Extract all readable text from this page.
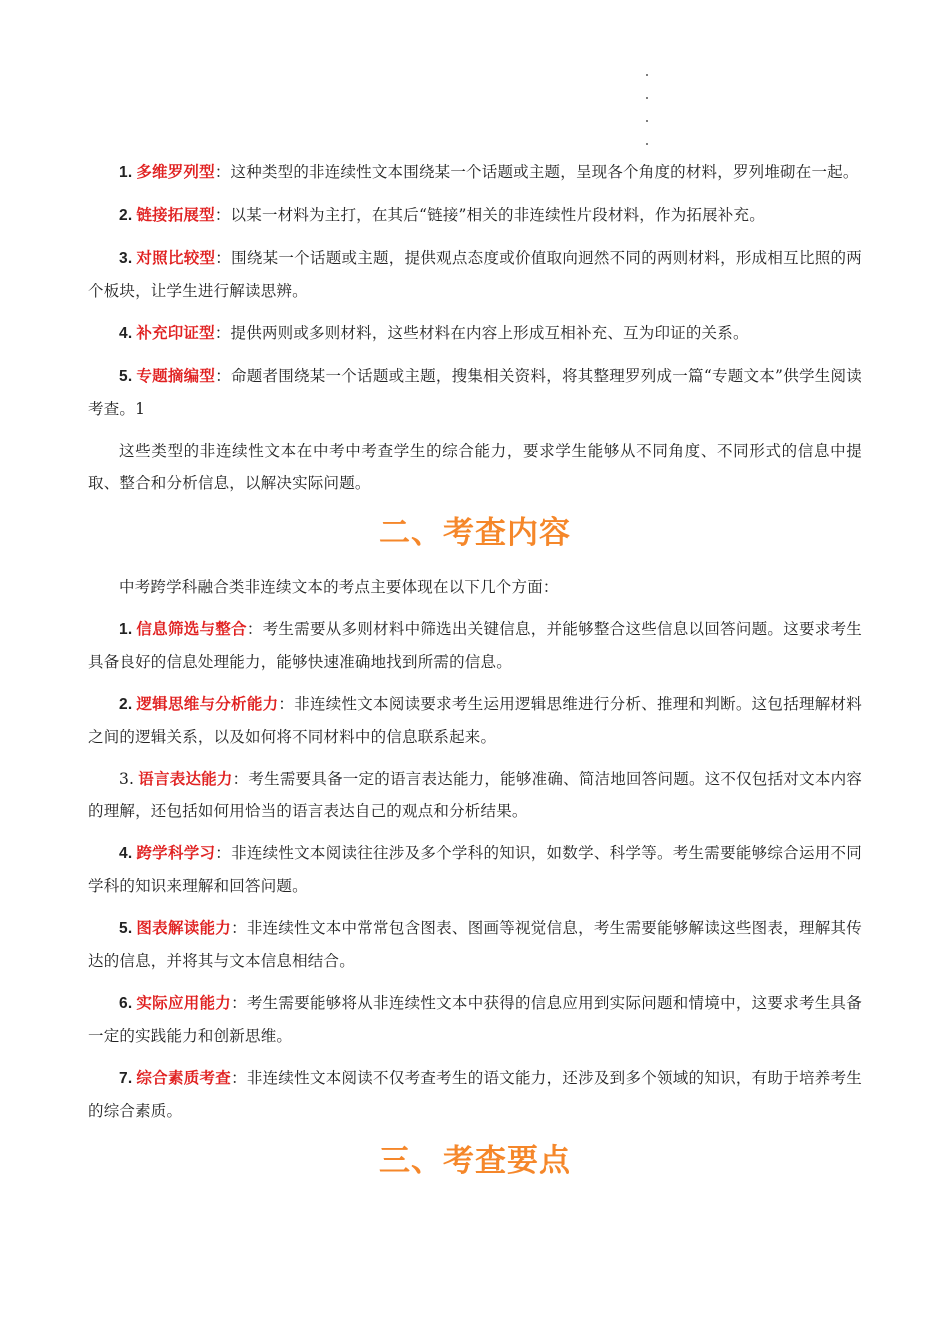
1. 多维罗列型：这种类型的非连续性文本围绕某一个话题或主题，呈现各个角度的材料，罗列堆砌在一起。

2. 链接拓展型：以某一材料为主打，在其后“链接”相关的非连续性片段材料，作为拓展补充。

3. 对照比较型：围绕某一个话题或主题，提供观点态度或价值取向迥然不同的两则材料，形成相互比照的两个板块，让学生进行解读思辨。

4. 补充印证型：提供两则或多则材料，这些材料在内容上形成互相补充、互为印证的关系。

5. 专题摘编型：命题者围绕某一个话题或主题，搜集相关资料，将其整理罗列成一篇“专题文本”供学生阅读考查。1

这些类型的非连续性文本在中考中考查学生的综合能力，要求学生能够从不同角度、不同形式的信息中提取、整合和分析信息，以解决实际问题。

二、考查内容

中考跨学科融合类非连续文本的考点主要体现在以下几个方面：

1. 信息筛选与整合：考生需要从多则材料中筛选出关键信息，并能够整合这些信息以回答问题。这要求考生具备良好的信息处理能力，能够快速准确地找到所需的信息。

2. 逻辑思维与分析能力：非连续性文本阅读要求考生运用逻辑思维进行分析、推理和判断。这包括理解材料之间的逻辑关系，以及如何将不同材料中的信息联系起来。

3. 语言表达能力：考生需要具备一定的语言表达能力，能够准确、简洁地回答问题。这不仅包括对文本内容的理解，还包括如何用恰当的语言表达自己的观点和分析结果。

4. 跨学科学习：非连续性文本阅读往往涉及多个学科的知识，如数学、科学等。考生需要能够综合运用不同学科的知识来理解和回答问题。

5. 图表解读能力：非连续性文本中常常包含图表、图画等视觉信息，考生需要能够解读这些图表，理解其传达的信息，并将其与文本信息相结合。

6. 实际应用能力：考生需要能够将从非连续性文本中获得的信息应用到实际问题和情境中，这要求考生具备一定的实践能力和创新思维。

7. 综合素质考查：非连续性文本阅读不仅考查考生的语文能力，还涉及到多个领域的知识，有助于培养考生的综合素质。

三、考查要点
